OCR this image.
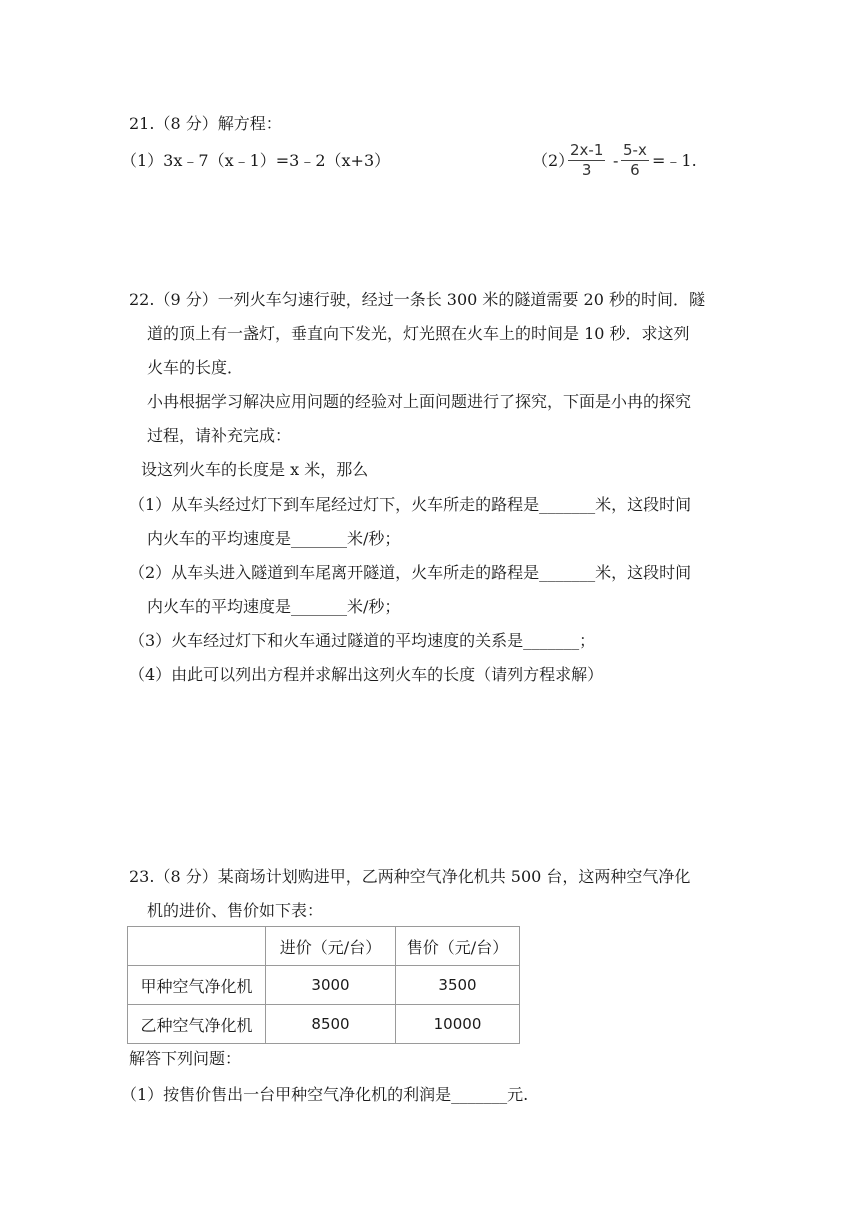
21.（8 分）解方程：
（1）3x﹣7（x﹣1）=3﹣2（x+3）	（2）
$\frac{2x-1}{3} - \frac{5-x}{6}$ =﹣1.
22.（9 分）一列火车匀速行驶，经过一条长 300 米的隧道需要 20 秒的时间．隧
道的顶上有一盏灯，垂直向下发光，灯光照在火车上的时间是 10 秒．求这列
火车的长度．
小冉根据学习解决应用问题的经验对上面问题进行了探究，下面是小冉的探究
过程，请补充完成：
设这列火车的长度是 x 米，那么
（1）从车头经过灯下到车尾经过灯下，火车所走的路程是_______米，这段时间
内火车的平均速度是_______米/秒；
（2）从车头进入隧道到车尾离开隧道，火车所走的路程是_______米，这段时间
内火车的平均速度是_______米/秒；
（3）火车经过灯下和火车通过隧道的平均速度的关系是_______；
（4）由此可以列出方程并求解出这列火车的长度（请列方程求解）
23.（8 分）某商场计划购进甲，乙两种空气净化机共 500 台，这两种空气净化
机的进价、售价如下表：
	进价（元/台）	售价（元/台）
甲种空气净化机	3000	3500
乙种空气净化机	8500	10000
解答下列问题：
（1）按售价售出一台甲种空气净化机的利润是_______元.
